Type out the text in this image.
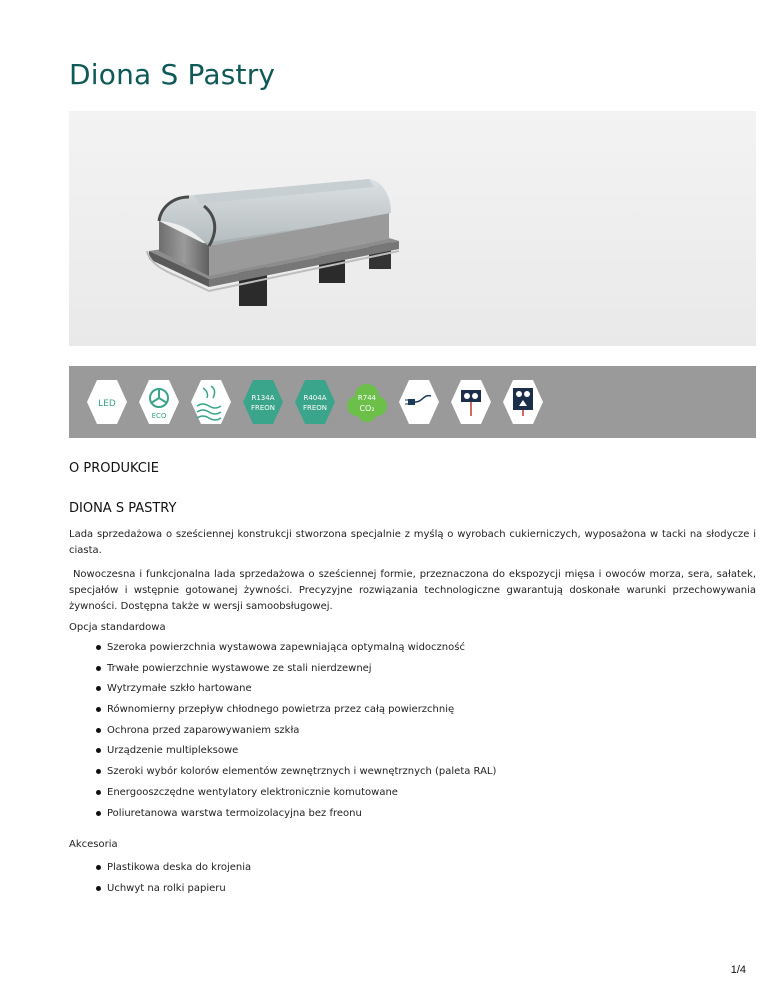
Diona S Pastry
LED
ECO
R134A
FREON
R404A
FREON
R744
CO₂
O PRODUKCIE
DIONA S PASTRY

Lada sprzedażowa o sześciennej konstrukcji stworzona specjalnie z myślą o wyrobach cukierniczych, wyposażona w tacki na słodycze i ciasta.

Nowoczesna i funkcjonalna lada sprzedażowa o sześciennej formie, przeznaczona do ekspozycji mięsa i owoców morza, sera, sałatek, specjałów i wstępnie gotowanej żywności. Precyzyjne rozwiązania technologiczne gwarantują doskonałe warunki przechowywania żywności. Dostępna także w wersji samoobsługowej.

Opcja standardowa

Szeroka powierzchnia wystawowa zapewniająca optymalną widoczność
Trwałe powierzchnie wystawowe ze stali nierdzewnej
Wytrzymałe szkło hartowane
Równomierny przepływ chłodnego powietrza przez całą powierzchnię
Ochrona przed zaparowywaniem szkła
Urządzenie multipleksowe
Szeroki wybór kolorów elementów zewnętrznych i wewnętrznych (paleta RAL)
Energooszczędne wentylatory elektronicznie komutowane
Poliuretanowa warstwa termoizolacyjna bez freonu

Akcesoria

Plastikowa deska do krojenia
Uchwyt na rolki papieru
1/4
